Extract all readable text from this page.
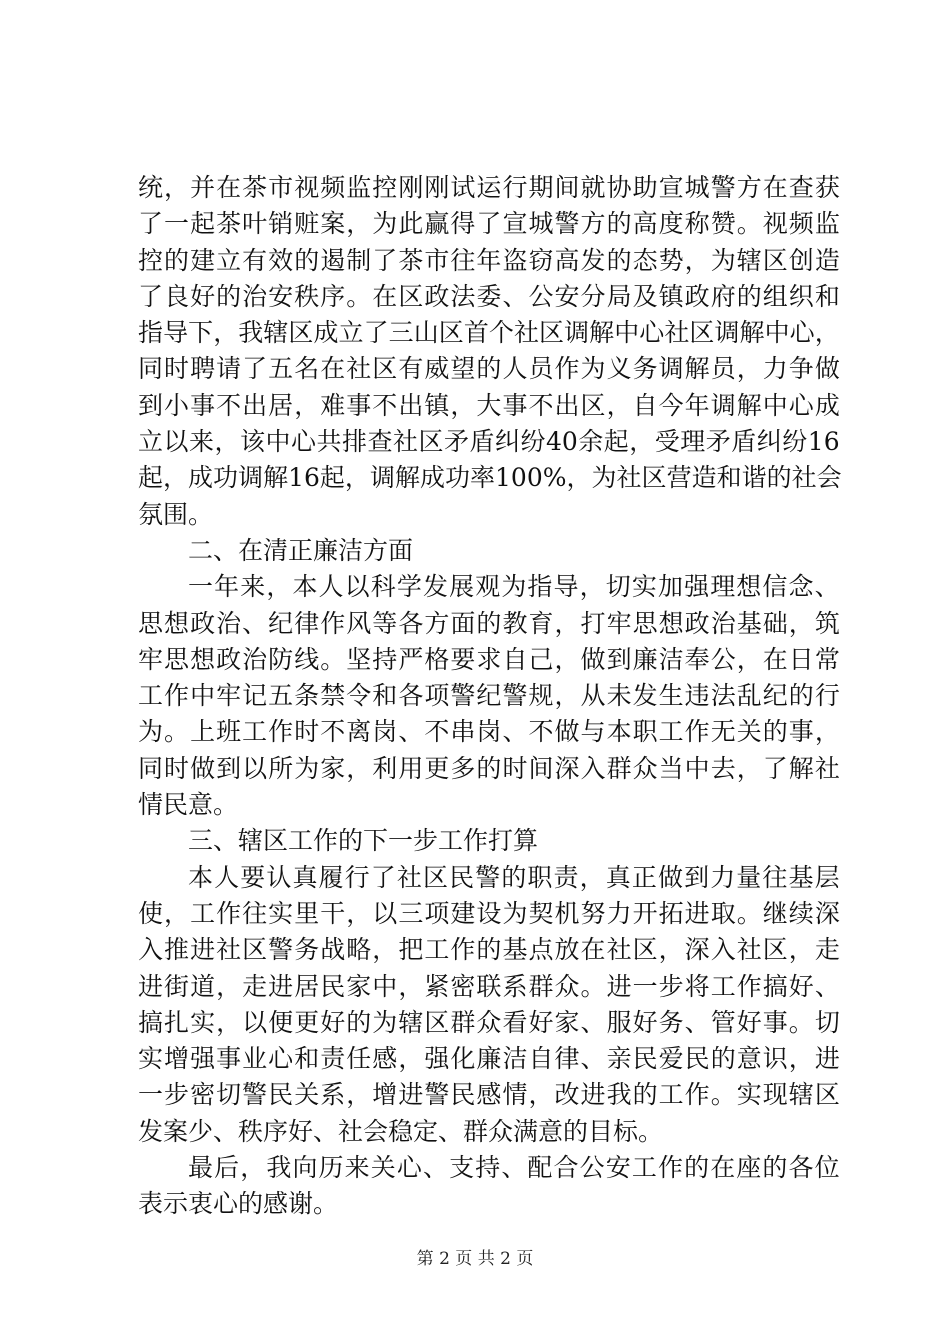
统 ， 并 在 茶 市 视 频 监 控 刚 刚 试 运 行 期 间 就 协 助 宣 城 警 方 在 查 获
了 一 起 茶 叶 销 赃 案 ， 为 此 赢 得 了 宣 城 警 方 的 高 度 称 赞 。 视 频 监
控 的 建 立 有 效 的 遏 制 了 茶 市 往 年 盗 窃 高 发 的 态 势 ， 为 辖 区 创 造
了 良 好 的 治 安 秩 序 。 在 区 政 法 委 、 公 安 分 局 及 镇 政 府 的 组 织 和
指 导 下 ， 我 辖 区 成 立 了 三 山 区 首 个 社 区 调 解 中 心 社 区 调 解 中 心 ，
同 时 聘 请 了 五 名 在 社 区 有 威 望 的 人 员 作 为 义 务 调 解 员 ， 力 争 做
到 小 事 不 出 居 ， 难 事 不 出 镇 ， 大 事 不 出 区 ， 自 今 年 调 解 中 心 成
立 以 来 ， 该 中 心 共 排 查 社 区 矛 盾 纠 纷 40 余 起 ， 受 理 矛 盾 纠 纷 16
起 ， 成 功 调 解 16 起 ， 调 解 成 功 率 100% ， 为 社 区 营 造 和 谐 的 社 会
氛围。
二、在清正廉洁方面
一 年 来 ， 本 人 以 科 学 发 展 观 为 指 导 ， 切 实 加 强 理 想 信 念 、
思 想 政 治 、 纪 律 作 风 等 各 方 面 的 教 育 ， 打 牢 思 想 政 治 基 础 ， 筑
牢 思 想 政 治 防 线 。 坚 持 严 格 要 求 自 己 ， 做 到 廉 洁 奉 公 ， 在 日 常
工 作 中 牢 记 五 条 禁 令 和 各 项 警 纪 警 规 ， 从 未 发 生 违 法 乱 纪 的 行
为 。 上 班 工 作 时 不 离 岗 、 不 串 岗 、 不 做 与 本 职 工 作 无 关 的 事 ，
同 时 做 到 以 所 为 家 ， 利 用 更 多 的 时 间 深 入 群 众 当 中 去 ， 了 解 社
情民意。
三、辖区工作的下一步工作打算
本 人 要 认 真 履 行 了 社 区 民 警 的 职 责 ， 真 正 做 到 力 量 往 基 层
使 ， 工 作 往 实 里 干 ， 以 三 项 建 设 为 契 机 努 力 开 拓 进 取 。 继 续 深
入 推 进 社 区 警 务 战 略 ， 把 工 作 的 基 点 放 在 社 区 ， 深 入 社 区 ， 走
进 街 道 ， 走 进 居 民 家 中 ， 紧 密 联 系 群 众 。 进 一 步 将 工 作 搞 好 、
搞 扎 实 ， 以 便 更 好 的 为 辖 区 群 众 看 好 家 、 服 好 务 、 管 好 事 。 切
实 增 强 事 业 心 和 责 任 感 ， 强 化 廉 洁 自 律 、 亲 民 爱 民 的 意 识 ， 进
一 步 密 切 警 民 关 系 ， 增 进 警 民 感 情 ， 改 进 我 的 工 作 。 实 现 辖 区
发案少、秩序好、社会稳定、群众满意的目标。
最 后 ， 我 向 历 来 关 心 、 支 持 、 配 合 公 安 工 作 的 在 座 的 各 位
表示衷心的感谢。
第 2 页 共 2 页
